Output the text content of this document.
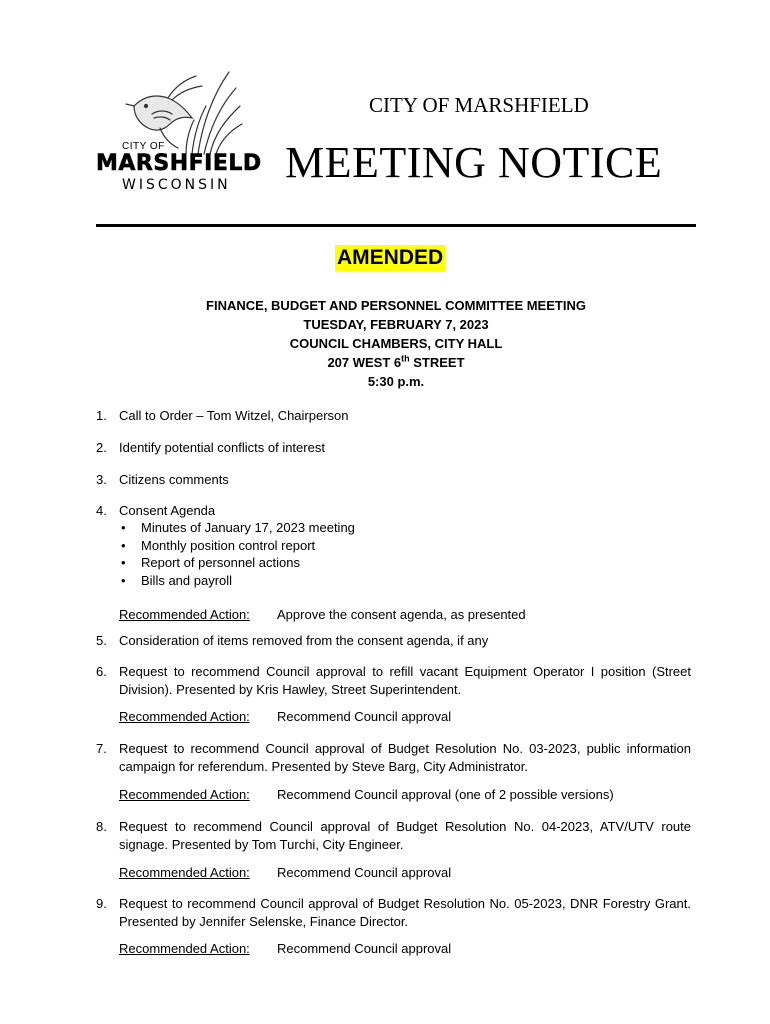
CITY OF
MARSHFIELD
WISCONSIN
CITY OF MARSHFIELD
MEETING NOTICE
AMENDED
FINANCE, BUDGET AND PERSONNEL COMMITTEE MEETING
TUESDAY, FEBRUARY 7, 2023
COUNCIL CHAMBERS, CITY HALL
207 WEST 6th STREET
5:30 p.m.
1. Call to Order – Tom Witzel, Chairperson
2. Identify potential conflicts of interest
3. Citizens comments
4. Consent Agenda
• Minutes of January 17, 2023 meeting
• Monthly position control report
• Report of personnel actions
• Bills and payroll
Recommended Action: Approve the consent agenda, as presented
5. Consideration of items removed from the consent agenda, if any
6. Request to recommend Council approval to refill vacant Equipment Operator I position (Street Division). Presented by Kris Hawley, Street Superintendent.
Recommended Action: Recommend Council approval
7. Request to recommend Council approval of Budget Resolution No. 03-2023, public information campaign for referendum. Presented by Steve Barg, City Administrator.
Recommended Action: Recommend Council approval (one of 2 possible versions)
8. Request to recommend Council approval of Budget Resolution No. 04-2023, ATV/UTV route signage. Presented by Tom Turchi, City Engineer.
Recommended Action: Recommend Council approval
9. Request to recommend Council approval of Budget Resolution No. 05-2023, DNR Forestry Grant. Presented by Jennifer Selenske, Finance Director.
Recommended Action: Recommend Council approval
